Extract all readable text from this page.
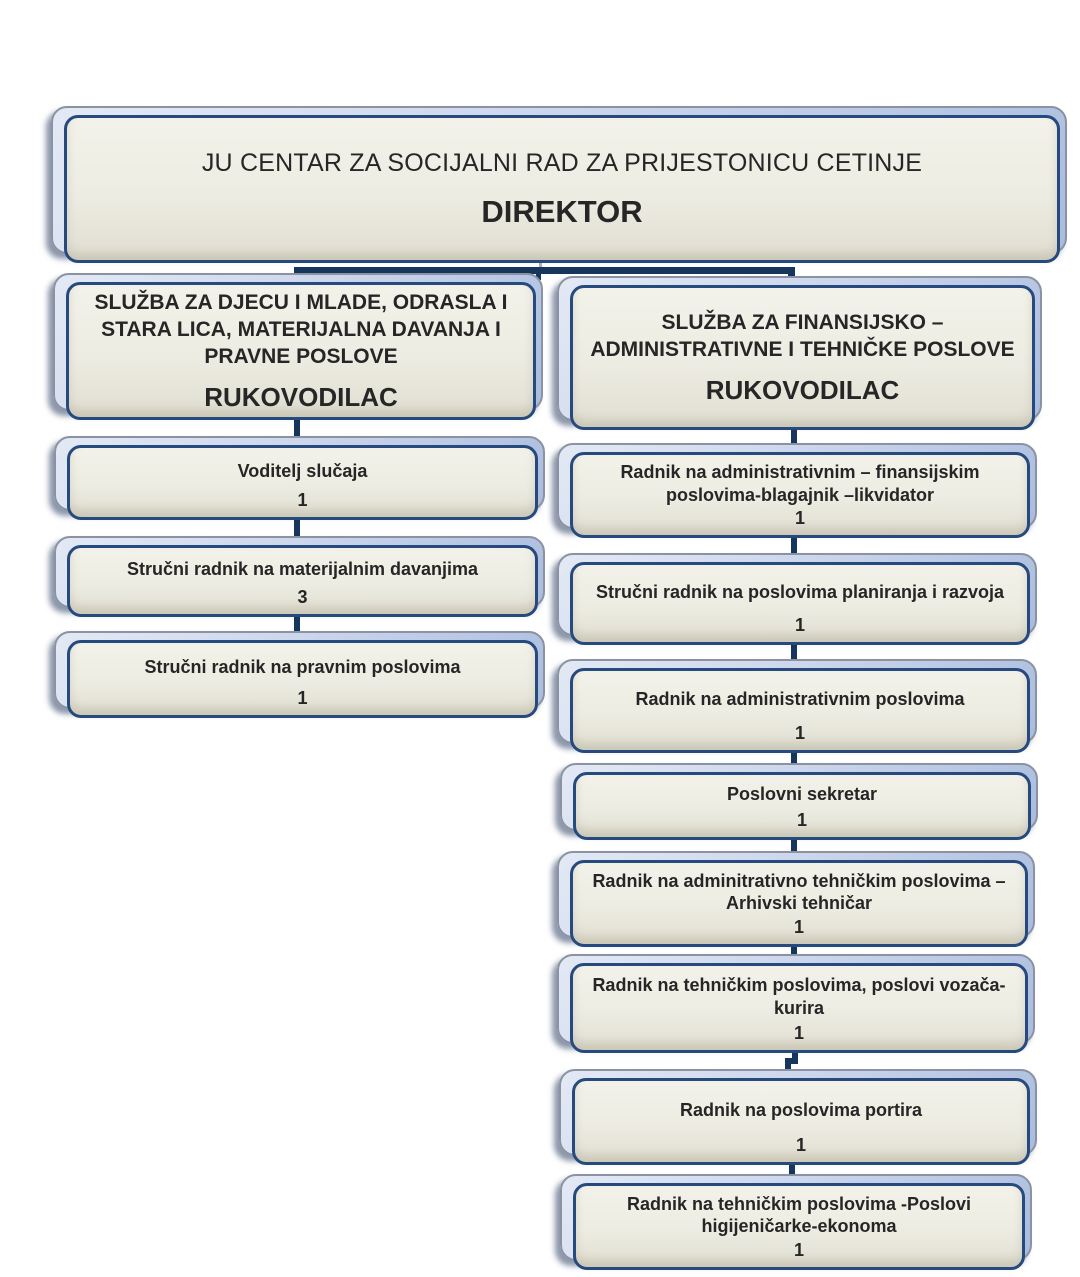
JU CENTAR ZA SOCIJALNI RAD ZA PRIJESTONICU CETINJE
DIREKTOR
SLUŽBA ZA DJECU I MLADE, ODRASLA I STARA LICA, MATERIJALNA DAVANJA I PRAVNE POSLOVE
RUKOVODILAC
SLUŽBA ZA FINANSIJSKO –ADMINISTRATIVNE I TEHNIČKE POSLOVE
RUKOVODILAC
Voditelj slučaja
1
Stručni radnik na materijalnim davanjima
3
Stručni radnik na pravnim poslovima
1
Radnik na administrativnim – finansijskim poslovima-blagajnik –likvidator
1
Stručni radnik na poslovima planiranja i razvoja
1
Radnik na administrativnim poslovima
1
Poslovni sekretar
1
Radnik na adminitrativno tehničkim poslovima – Arhivski tehničar
1
Radnik na tehničkim poslovima, poslovi vozača-kurira
1
Radnik na poslovima portira
1
Radnik na tehničkim poslovima -Poslovi higijeničarke-ekonoma
1
